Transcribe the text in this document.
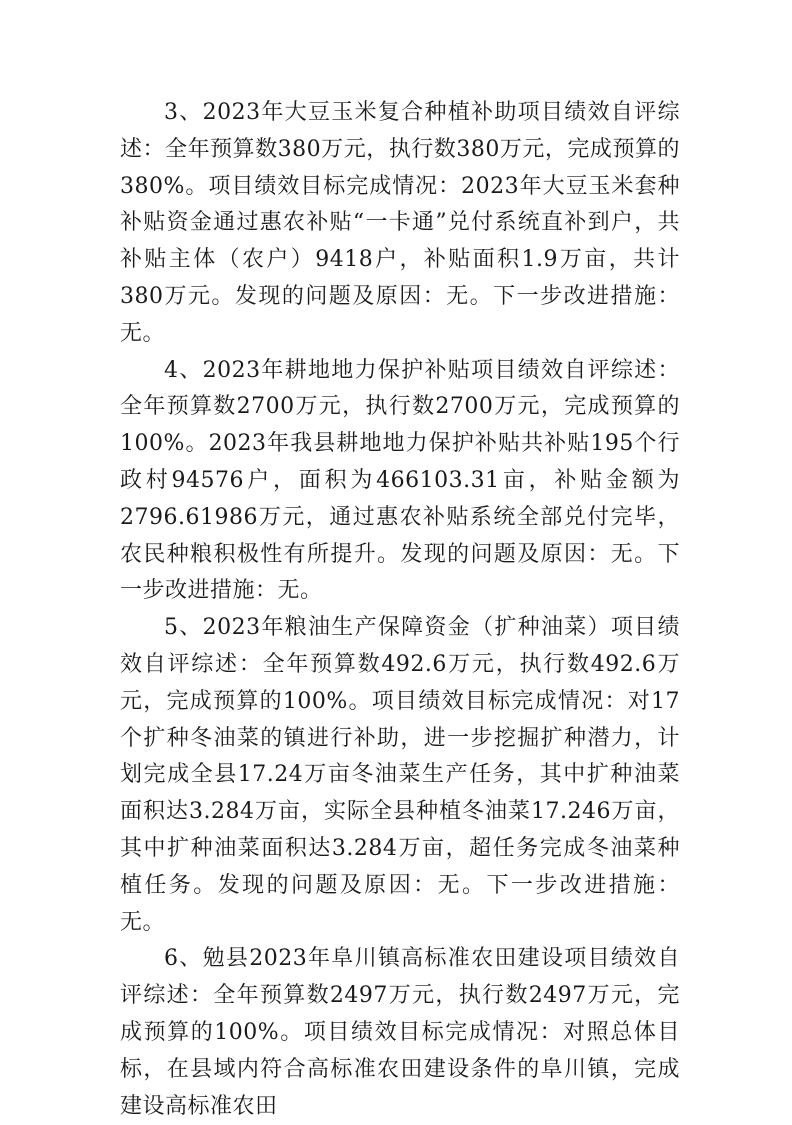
3、2023年大豆玉米复合种植补助项目绩效自评综述：全年预算数380万元，执行数380万元，完成预算的380%。项目绩效目标完成情况：2023年大豆玉米套种补贴资金通过惠农补贴“一卡通”兑付系统直补到户，共补贴主体（农户）9418户，补贴面积1.9万亩，共计380万元。发现的问题及原因：无。下一步改进措施：无。

4、2023年耕地地力保护补贴项目绩效自评综述：全年预算数2700万元，执行数2700万元，完成预算的100%。2023年我县耕地地力保护补贴共补贴195个行政村94576户，面积为466103.31亩，补贴金额为2796.61986万元，通过惠农补贴系统全部兑付完毕，农民种粮积极性有所提升。发现的问题及原因：无。下一步改进措施：无。

5、2023年粮油生产保障资金（扩种油菜）项目绩效自评综述：全年预算数492.6万元，执行数492.6万元，完成预算的100%。项目绩效目标完成情况：对17个扩种冬油菜的镇进行补助，进一步挖掘扩种潜力，计划完成全县17.24万亩冬油菜生产任务，其中扩种油菜面积达3.284万亩，实际全县种植冬油菜17.246万亩，其中扩种油菜面积达3.284万亩，超任务完成冬油菜种植任务。发现的问题及原因：无。下一步改进措施：无。

6、勉县2023年阜川镇高标准农田建设项目绩效自评综述：全年预算数2497万元，执行数2497万元，完成预算的100%。项目绩效目标完成情况：对照总体目标，在县域内符合高标准农田建设条件的阜川镇，完成建设高标准农田
